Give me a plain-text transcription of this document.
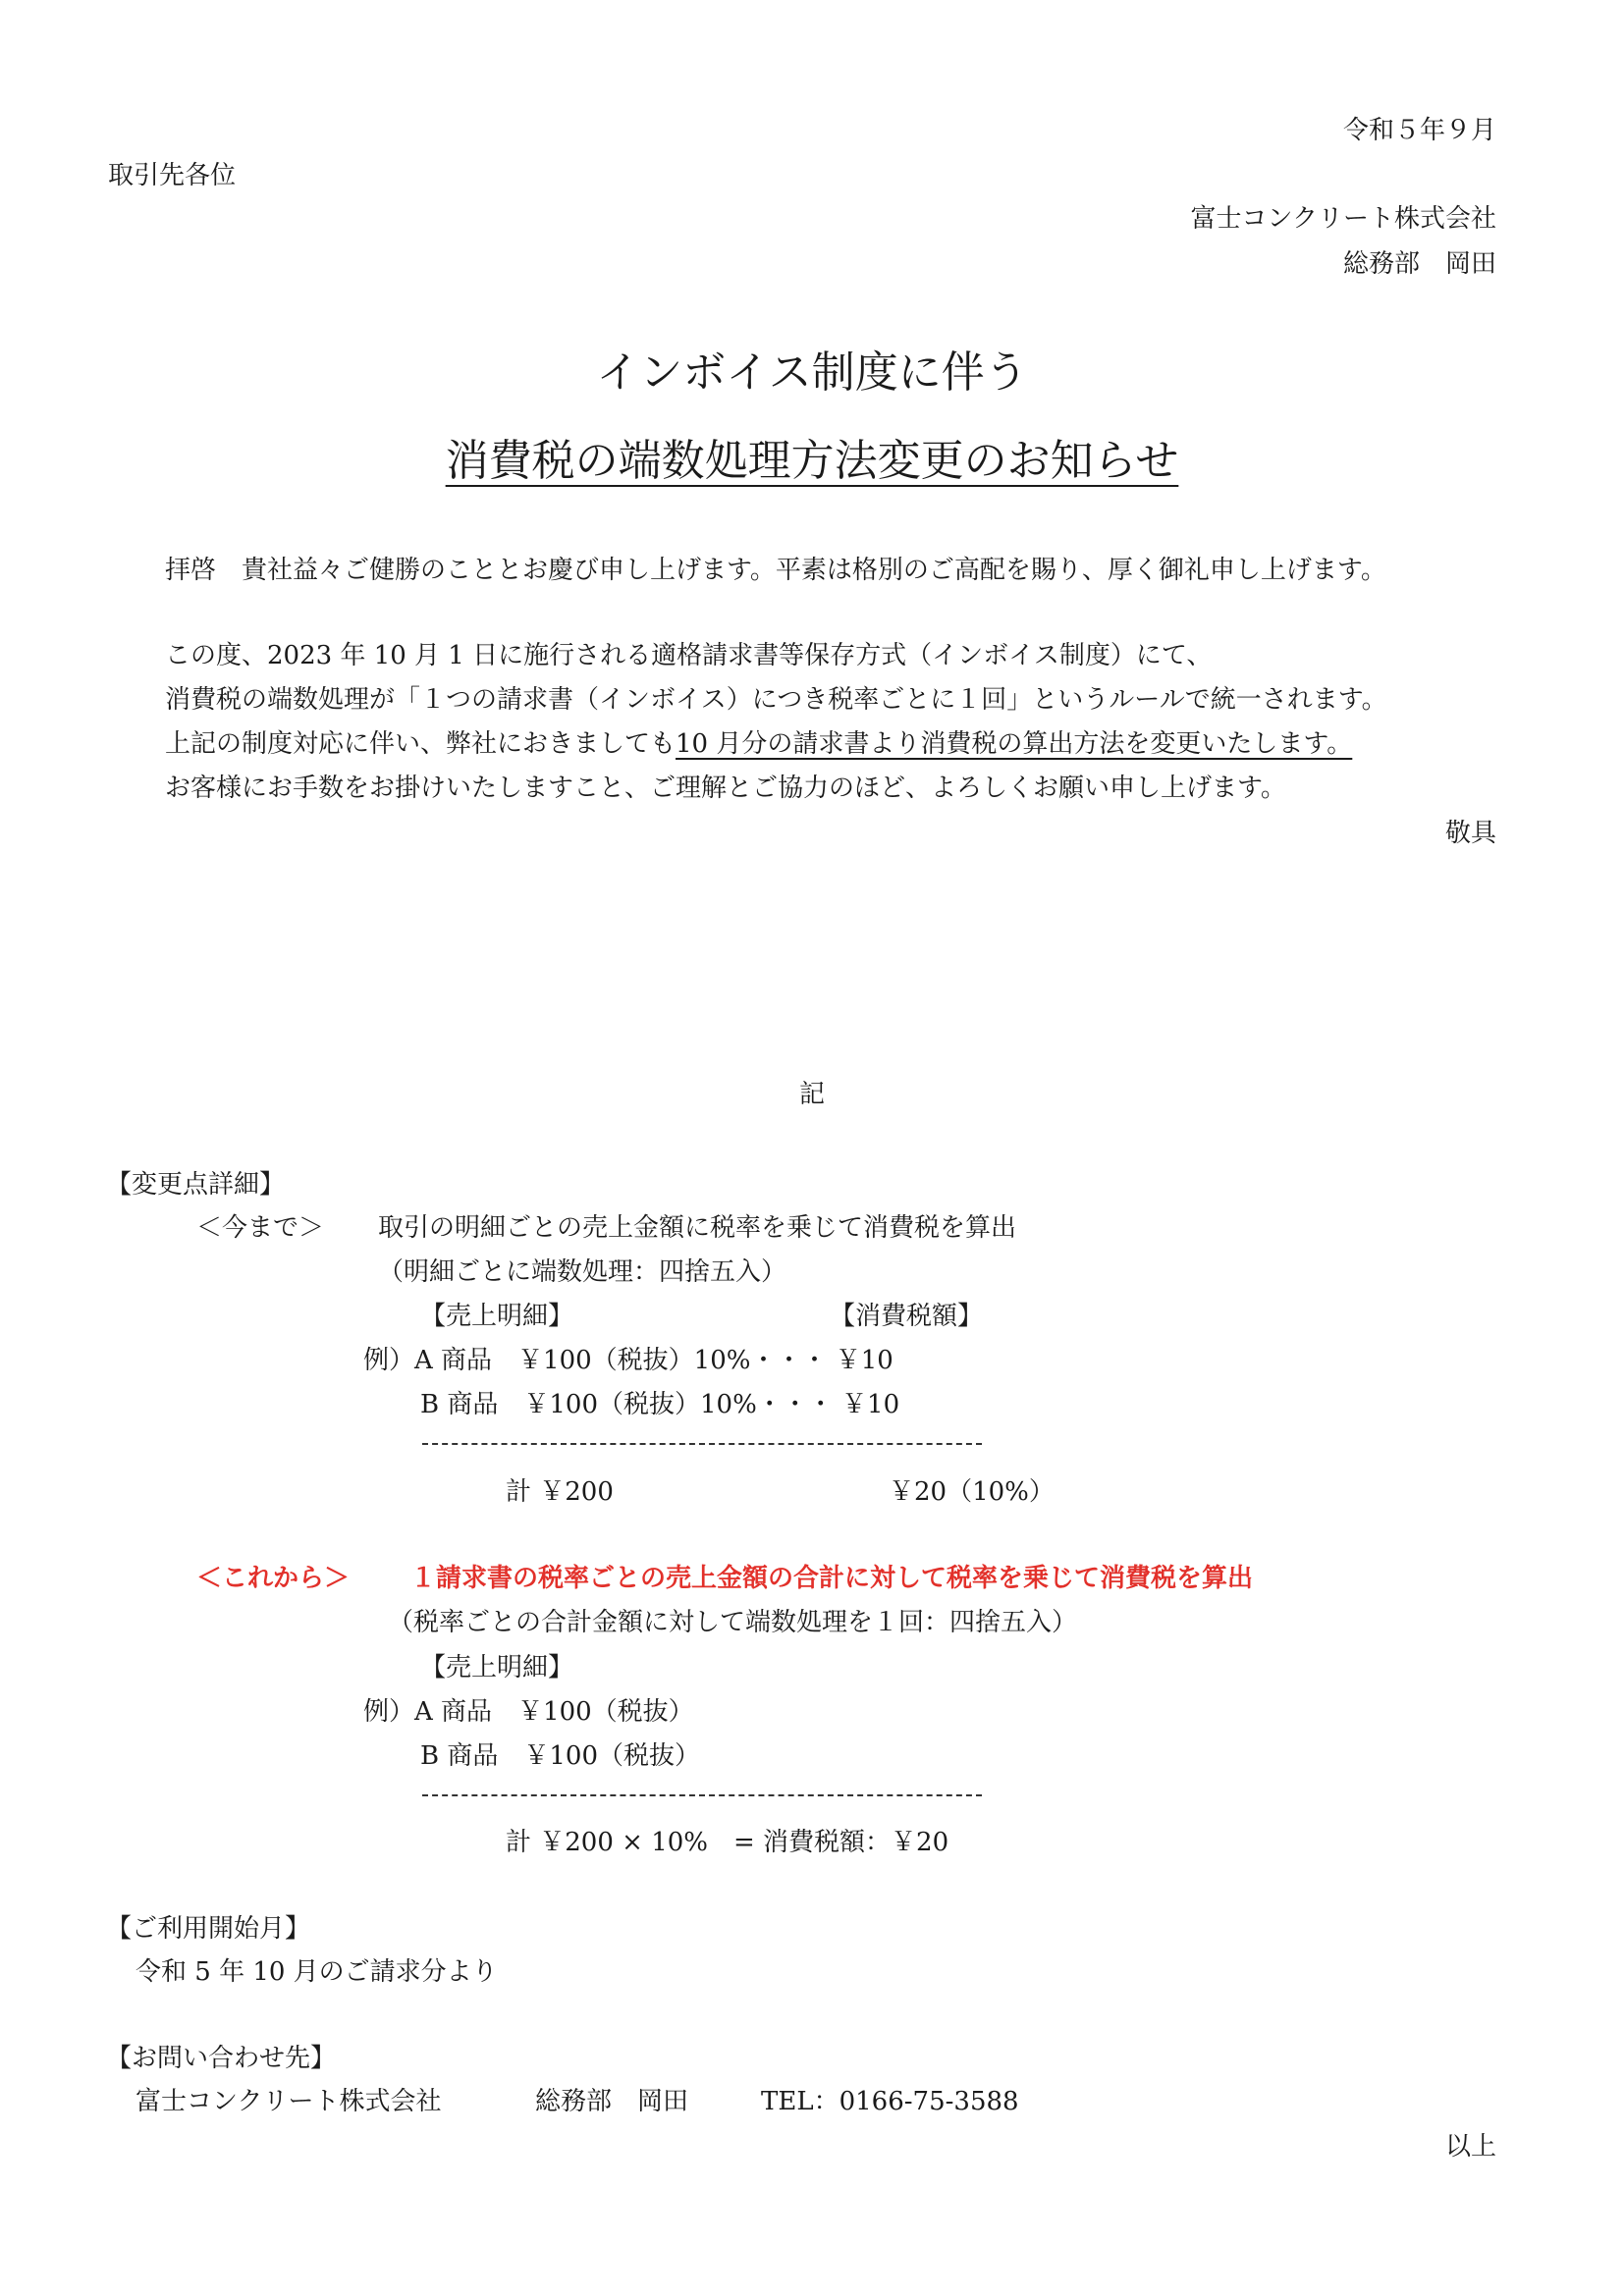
令和５年９月
取引先各位
富士コンクリート株式会社
総務部　岡田
インボイス制度に伴う
消費税の端数処理方法変更のお知らせ
拝啓　貴社益々ご健勝のこととお慶び申し上げます。平素は格別のご高配を賜り、厚く御礼申し上げます。
この度、2023 年 10 月 1 日に施行される適格請求書等保存方式（インボイス制度）にて、
消費税の端数処理が「１つの請求書（インボイス）につき税率ごとに１回」というルールで統一されます。
上記の制度対応に伴い、弊社におきましても10 月分の請求書より消費税の算出方法を変更いたします。
お客様にお手数をお掛けいたしますこと、ご理解とご協力のほど、よろしくお願い申し上げます。
敬具
記
【変更点詳細】
＜今まで＞ 取引の明細ごとの売上金額に税率を乗じて消費税を算出
（明細ごとに端数処理：四捨五入）
【売上明細】	【消費税額】
例）A 商品　￥100（税抜）10%・・・ ￥10
B 商品　￥100（税抜）10%・・・ ￥10
計 ￥200	￥20（10%）
＜これから＞ １請求書の税率ごとの売上金額の合計に対して税率を乗じて消費税を算出
（税率ごとの合計金額に対して端数処理を１回：四捨五入）
【売上明細】
例）A 商品　￥100（税抜）
B 商品　￥100（税抜）
計 ￥200 × 10%　= 消費税額：￥20
【ご利用開始月】
令和 5 年 10 月のご請求分より
【お問い合わせ先】
富士コンクリート株式会社	総務部　岡田	TEL：0166-75-3588
以上
